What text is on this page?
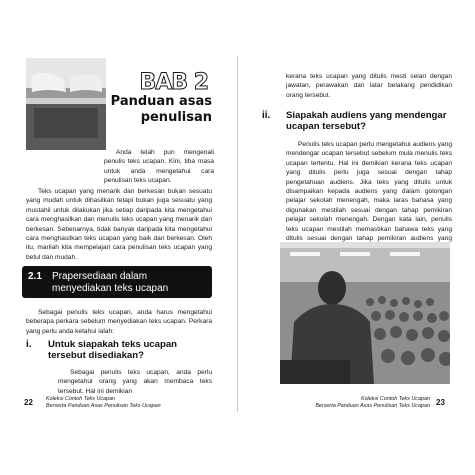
BAB 2
Panduan asas penulisan

Anda telah pun mengenali penulis teks ucapan. Kini, tiba masa untuk anda mengetahui cara penulisan teks ucapan.

Teks ucapan yang menarik dan berkesan bukan sesuatu yang mudah untuk dihasilkan tetapi bukan juga sesuatu yang mustahil untuk dilakukan jika setiap daripada kita mengetahui cara menghasilkan dan menulis teks ucapan yang menarik dan berkesan. Sebenarnya, tidak banyak daripada kita mengetahui cara menghasilkan teks ucapan yang baik dan berkesan. Oleh itu, marilah kita mempelajari cara penulisan teks ucapan yang betul dan mudah.

2.1 Prapersediaan dalam menyediakan teks ucapan

Sebagai penulis teks ucapan, anda harus mengetahui beberapa perkara sebelum menyediakan teks ucapan. Perkara yang perlu anda ketahui ialah:

i. Untuk siapakah teks ucapan tersebut disediakan?

Sebagai penulis teks ucapan, anda perlu mengetahui orang yang akan membaca teks tersebut. Hal ini demikian

22 Koleksi Contoh Teks Ucapan
Berserta Panduan Asas Penulisan Teks Ucapan

kerana teks ucapan yang ditulis mesti selari dengan jawatan, perawakan dan latar belakang pendidikan orang tersebut.

ii. Siapakah audiens yang mendengar ucapan tersebut?

Penulis teks ucapan perlu mengetahui audiens yang mendengar ucapan tersebut sebelum mula menulis teks ucapan tertentu. Hal ini demikian kerana teks ucapan yang ditulis perlu juga sesuai dengan tahap pengetahuan audiens. Jika teks yang ditulis untuk disampaikan kepada audiens yang dalam golongan pelajar sekolah menengah, maka laras bahasa yang digunakan mestilah sesuai dengan tahap pemikiran pelajar sekolah menengah. Dengan kata lain, penulis teks ucapan mestilah memastikan bahawa teks yang ditulis sesuai dengan tahap pemikiran audiens yang

23
Koleksi Contoh Teks Ucapan
Berserta Panduan Asas Penulisan Teks Ucapan
